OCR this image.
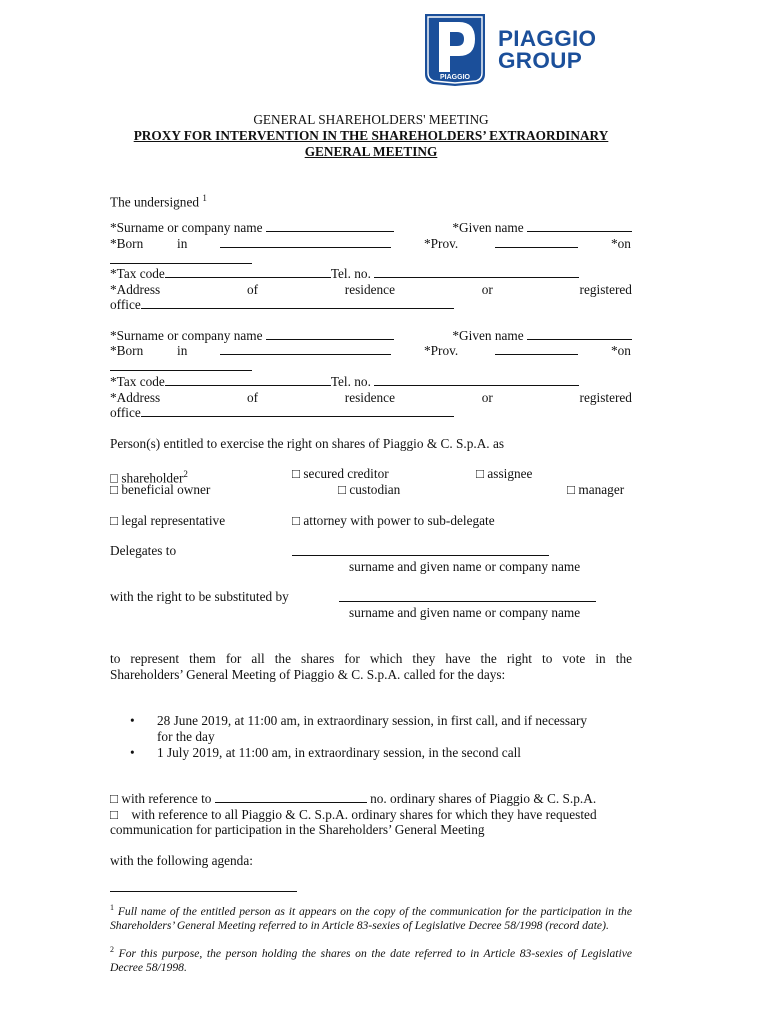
PIAGGIO
PIAGGIO
GROUP
GENERAL SHAREHOLDERS' MEETING
PROXY FOR INTERVENTION IN THE SHAREHOLDERS’ EXTRAORDINARY
GENERAL MEETING
The undersigned $^1$
*Surname or company name	*Given name
*Born	in	*Prov.	*on
*Tax code	Tel. no.
*Address	of	residence	or	registered
office
*Surname or company name	*Given name
*Born	in	*Prov.	*on
*Tax code	Tel. no.
*Address	of	residence	or	registered
office
Person(s) entitled to exercise the right on shares of Piaggio & C. S.p.A. as
□ shareholder$^2$	□ secured creditor	□ assignee
□ beneficial owner	□ custodian	□ manager
□ legal representative	□ attorney with power to sub-delegate
Delegates to
surname and given name or company name
with the right to be substituted by
surname and given name or company name
to represent them for all the shares for which they have the right to vote in the
Shareholders’ General Meeting of Piaggio & C. S.p.A. called for the days:
• 28 June 2019, at 11:00 am, in extraordinary session, in first call, and if necessary
for the day
• 1 July 2019, at 11:00 am, in extraordinary session, in the second call
□ with reference to	no. ordinary shares of Piaggio & C. S.p.A.
□ with reference to all Piaggio & C. S.p.A. ordinary shares for which they have requested
communication for participation in the Shareholders’ General Meeting
with the following agenda:
$^1$ Full name of the entitled person as it appears on the copy of the communication for the participation in the Shareholders’ General Meeting referred to in Article 83-sexies of Legislative Decree 58/1998 (record date).
$^2$ For this purpose, the person holding the shares on the date referred to in Article 83-sexies of Legislative Decree 58/1998.
